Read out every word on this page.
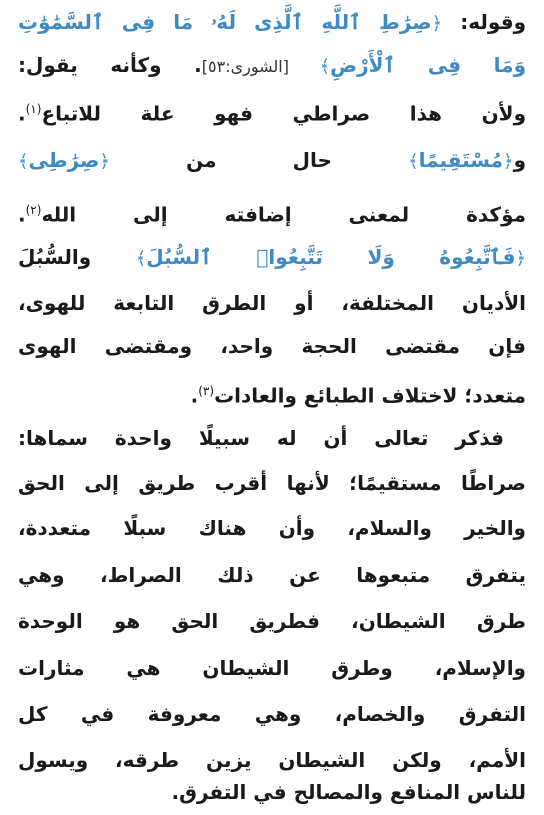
وقوله: ﴿صِرَٰطِ ٱللَّهِ ٱلَّذِى لَهُۥ مَا فِى ٱلسَّمَٰوَٰتِ
وَمَا فِى ٱلْأَرْضِ﴾ [الشورى:٥٣]. وكأنه يقول:
ولأن هذا صراطي فهو علة للاتباع$^{(١)}$.
و﴿مُسْتَقِيمًا﴾ حال من ﴿صِرَٰطِى﴾
مؤكدة لمعنى إضافته إلى الله$^{(٢)}$.
﴿فَٱتَّبِعُوهُ وَلَا تَتَّبِعُوا۟ ٱلسُّبُلَ﴾ والسُّبُلَ
الأديان المختلفة، أو الطرق التابعة للهوى،
فإن مقتضى الحجة واحد، ومقتضى الهوى
متعدد؛ لاختلاف الطبائع والعادات$^{(٣)}$.
فذكر تعالى أن له سبيلًا واحدة سماها:
صراطًا مستقيمًا؛ لأنها أقرب طريق إلى الحق
والخير والسلام، وأن هناك سبلًا متعددة،
يتفرق متبعوها عن ذلك الصراط، وهي
طرق الشيطان، فطريق الحق هو الوحدة
والإسلام، وطرق الشيطان هي مثارات
التفرق والخصام، وهي معروفة في كل
الأمم، ولكن الشيطان يزين طرقه، ويسول
للناس المنافع والمصالح في التفرق.
